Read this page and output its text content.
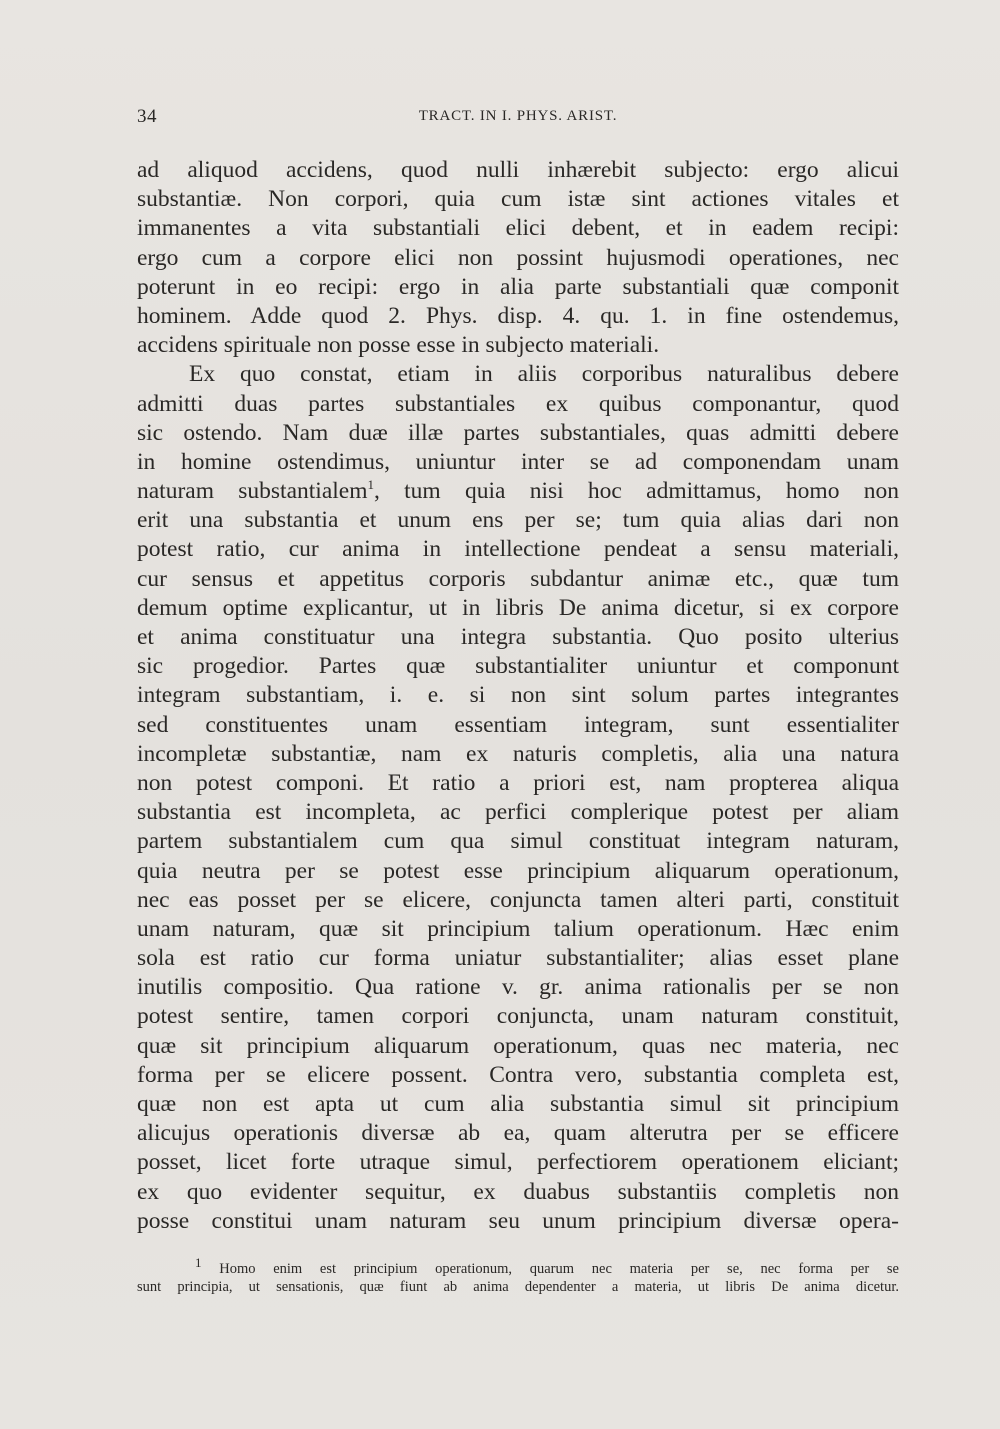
34	TRACT. IN I. PHYS. ARIST.
ad aliquod accidens, quod nulli inhærebit subjecto: ergo alicui
substantiæ. Non corpori, quia cum istæ sint actiones vitales et
immanentes a vita substantiali elici debent, et in eadem recipi:
ergo cum a corpore elici non possint hujusmodi operationes, nec
poterunt in eo recipi: ergo in alia parte substantiali quæ componit
hominem. Adde quod 2. Phys. disp. 4. qu. 1. in fine ostendemus,
accidens spirituale non posse esse in subjecto materiali.
Ex quo constat, etiam in aliis corporibus naturalibus debere
admitti duas partes substantiales ex quibus componantur, quod
sic ostendo. Nam duæ illæ partes substantiales, quas admitti debere
in homine ostendimus, uniuntur inter se ad componendam unam
naturam substantialem$^1$, tum quia nisi hoc admittamus, homo non
erit una substantia et unum ens per se; tum quia alias dari non
potest ratio, cur anima in intellectione pendeat a sensu materiali,
cur sensus et appetitus corporis subdantur animæ etc., quæ tum
demum optime explicantur, ut in libris De anima dicetur, si ex corpore
et anima constituatur una integra substantia. Quo posito ulterius
sic progedior. Partes quæ substantialiter uniuntur et componunt
integram substantiam, i. e. si non sint solum partes integrantes
sed constituentes unam essentiam integram, sunt essentialiter
incompletæ substantiæ, nam ex naturis completis, alia una natura
non potest componi. Et ratio a priori est, nam propterea aliqua
substantia est incompleta, ac perfici complerique potest per aliam
partem substantialem cum qua simul constituat integram naturam,
quia neutra per se potest esse principium aliquarum operationum,
nec eas posset per se elicere, conjuncta tamen alteri parti, constituit
unam naturam, quæ sit principium talium operationum. Hæc enim
sola est ratio cur forma uniatur substantialiter; alias esset plane
inutilis compositio. Qua ratione v. gr. anima rationalis per se non
potest sentire, tamen corpori conjuncta, unam naturam constituit,
quæ sit principium aliquarum operationum, quas nec materia, nec
forma per se elicere possent. Contra vero, substantia completa est,
quæ non est apta ut cum alia substantia simul sit principium
alicujus operationis diversæ ab ea, quam alterutra per se efficere
posset, licet forte utraque simul, perfectiorem operationem eliciant;
ex quo evidenter sequitur, ex duabus substantiis completis non
posse constitui unam naturam seu unum principium diversæ opera-
$^1$ Homo enim est principium operationum, quarum nec materia per se, nec forma per se
sunt principia, ut sensationis, quæ fiunt ab anima dependenter a materia, ut libris De anima dicetur.
